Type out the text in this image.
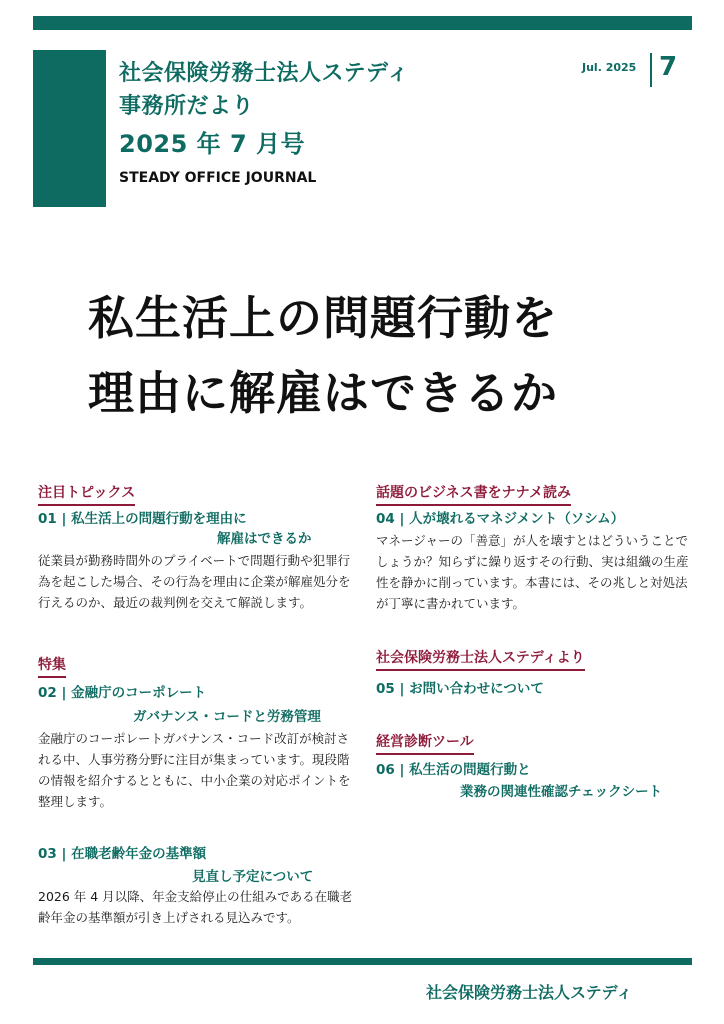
社会保険労務士法人ステディ
事務所だより
2025 年 7 月号
STEADY OFFICE JOURNAL
Jul. 2025 7
私生活上の問題行動を
理由に解雇はできるか
注目トピックス
01 | 私生活上の問題行動を理由に
解雇はできるか
従業員が勤務時間外のプライベートで問題行動や犯罪行為を起こした場合、その行為を理由に企業が解雇処分を行えるのか、最近の裁判例を交えて解説します。
特集
02 | 金融庁のコーポレート
ガバナンス・コードと労務管理
金融庁のコーポレートガバナンス・コード改訂が検討される中、人事労務分野に注目が集まっています。現段階の情報を紹介するとともに、中小企業の対応ポイントを整理します。
03 | 在職老齢年金の基準額
見直し予定について
2026 年 4 月以降、年金支給停止の仕組みである在職老齢年金の基準額が引き上げされる見込みです。
話題のビジネス書をナナメ読み
04 | 人が壊れるマネジメント（ソシム）
マネージャーの「善意」が人を壊すとはどういうことでしょうか？知らずに繰り返すその行動、実は組織の生産性を静かに削っています。本書には、その兆しと対処法が丁寧に書かれています。
社会保険労務士法人ステディより
05 | お問い合わせについて
経営診断ツール
06 | 私生活の問題行動と
業務の関連性確認チェックシート
社会保険労務士法人ステディ
